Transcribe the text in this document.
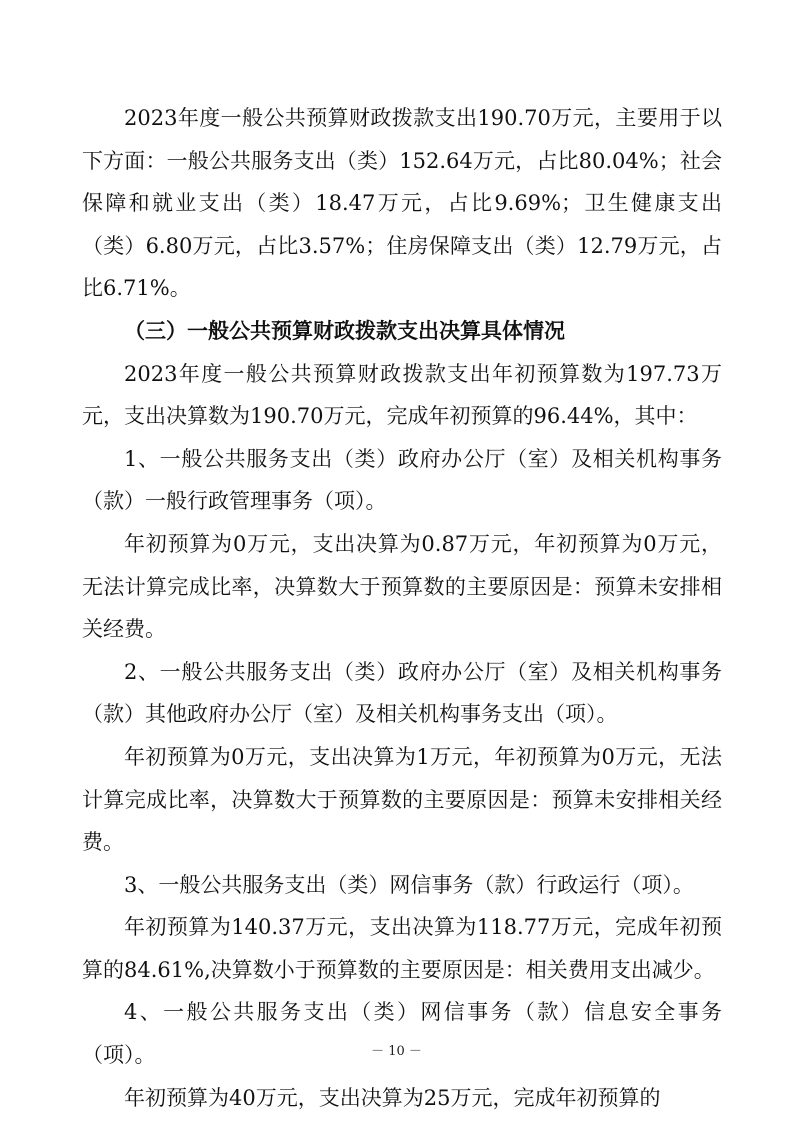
2023年度一般公共预算财政拨款支出190.70万元，主要用于以下方面：一般公共服务支出（类）152.64万元，占比80.04%；社会保障和就业支出（类）18.47万元，占比9.69%；卫生健康支出（类）6.80万元，占比3.57%；住房保障支出（类）12.79万元，占比6.71%。

（三）一般公共预算财政拨款支出决算具体情况

2023年度一般公共预算财政拨款支出年初预算数为197.73万元，支出决算数为190.70万元，完成年初预算的96.44%，其中：

1、一般公共服务支出（类）政府办公厅（室）及相关机构事务（款）一般行政管理事务（项）。

年初预算为0万元，支出决算为0.87万元，年初预算为0万元，无法计算完成比率，决算数大于预算数的主要原因是：预算未安排相关经费。

2、一般公共服务支出（类）政府办公厅（室）及相关机构事务（款）其他政府办公厅（室）及相关机构事务支出（项）。

年初预算为0万元，支出决算为1万元，年初预算为0万元，无法计算完成比率，决算数大于预算数的主要原因是：预算未安排相关经费。

3、一般公共服务支出（类）网信事务（款）行政运行（项）。

年初预算为140.37万元，支出决算为118.77万元，完成年初预算的84.61%,决算数小于预算数的主要原因是：相关费用支出减少。

4、一般公共服务支出（类）网信事务（款）信息安全事务（项）。

年初预算为40万元，支出决算为25万元，完成年初预算的

－ 10 －
